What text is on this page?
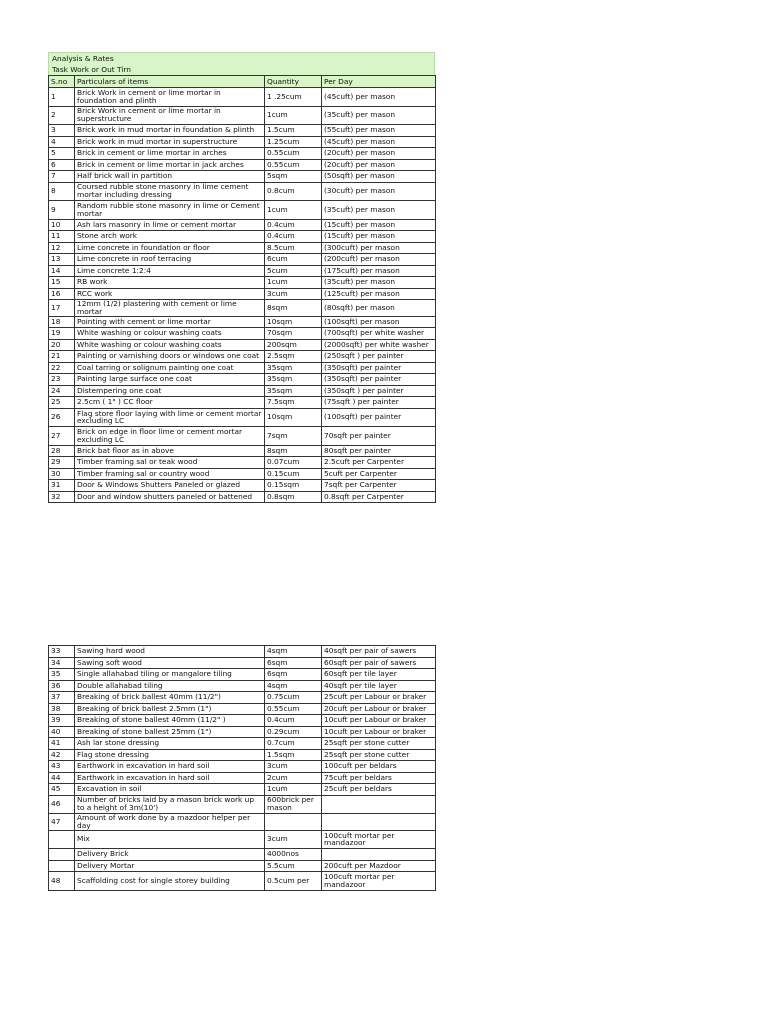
Analysis & Rates
Task Work or Out Tirn
S.no	Particulars of items	Quantity	Per Day
1	Brick Work in cement or lime mortar in foundation and plinth	1 .25cum	(45cuft) per mason
2	Brick Work in cement or lime mortar in superstructure	1cum	(35cuft) per mason
3	Brick work in mud mortar in foundation & plinth	1.5cum	(55cuft) per mason
4	Brick work in mud mortar in superstructure	1.25cum	(45cuft) per mason
5	Brick in cement or lime mortar in arches	0.55cum	(20cuft) per mason
6	Brick in cement or lime mortar in jack arches	0.55cum	(20cuft) per mason
7	Half brick wall in partition	5sqm	(50sqft) per mason
8	Coursed rubble stone masonry in lime cement mortar including dressing	0.8cum	(30cuft) per mason
9	Random rubble stone masonry in lime or Cement mortar	1cum	(35cuft) per mason
10	Ash lars masonry in lime or cement mortar	0.4cum	(15cuft) per mason
11	Stone arch work	0.4cum	(15cuft) per mason
12	Lime concrete in foundation or floor	8.5cum	(300cuft) per mason
13	Lime concrete in roof terracing	6cum	(200cuft) per mason
14	Lime concrete 1:2:4	5cum	(175cuft) per mason
15	RB work	1cum	(35cuft) per mason
16	RCC work	3cum	(125cuft) per mason
17	12mm (1/2) plastering with cement or lime mortar	8sqm	(80sqft) per mason
18	Pointing with cement or lime mortar	10sqm	(100sqft) per mason
19	White washing or colour washing coats	70sqm	(700sqft) per white washer
20	White washing or colour washing coats	200sqm	(2000sqft) per white washer
21	Painting or varnishing doors or windows one coat	2.5sqm	(250sqft ) per painter
22	Coal tarring or solignum painting one coat	35sqm	(350sqft) per painter
23	Painting large surface one coat	35sqm	(350sqft) per painter
24	Distempering one coat	35sqm	(350sqft ) per painter
25	2.5cm ( 1" ) CC floor	7.5sqm	(75sqft ) per painter
26	Flag store floor laying with lime or cement mortar excluding LC	10sqm	(100sqft) per painter
27	Brick on edge in floor lime or cement mortar excluding LC	7sqm	70sqft per painter
28	Brick bat floor as in above	8sqm	80sqft per painter
29	Timber framing sal or teak wood	0.07cum	2.5cuft per Carpenter
30	Timber framing sal or country wood	0.15cum	5cuft per Carpenter
31	Door & Windows Shutters Paneled or glazed	0.15sqm	7sqft per Carpenter
32	Door and window shutters paneled or battened	0.8sqm	0.8sqft per Carpenter
33	Sawing hard wood	4sqm	40sqft per pair of sawers
34	Sawing soft wood	6sqm	60sqft per pair of sawers
35	Single allahabad tiling or mangalore tiling	6sqm	60sqft per tile layer
36	Double allahabad tiling	4sqm	40sqft per tile layer
37	Breaking of brick ballest 40mm (11/2")	0.75cum	25cuft per Labour or braker
38	Breaking of brick ballest 2.5mm (1")	0.55cum	20cuft per Labour or braker
39	Breaking of stone ballest 40mm (11/2" )	0.4cum	10cuft per Labour or braker
40	Breaking of stone ballest 25mm (1")	0.29cum	10cuft per Labour or braker
41	Ash lar stone dressing	0.7cum	25sqft per stone cutter
42	Flag stone dressing	1.5sqm	25sqft per stone cutter
43	Earthwork in excavation in hard soil	3cum	100cuft per beldars
44	Earthwork in excavation in hard soil	2cum	75cuft per beldars
45	Excavation in soil	1cum	25cuft per beldars
46	Number of bricks laid by a mason brick work up to a height of 3m(10')	600brick per mason	
47	Amount of work done by a mazdoor helper per day		
	Mix	3cum	100cuft mortar per mandazoor
	Delivery Brick	4000nos	
	Delivery Mortar	5.5cum	200cuft per Mazdoor
48	Scaffolding cost for single storey building	0.5cum per	100cuft mortar per mandazoor
